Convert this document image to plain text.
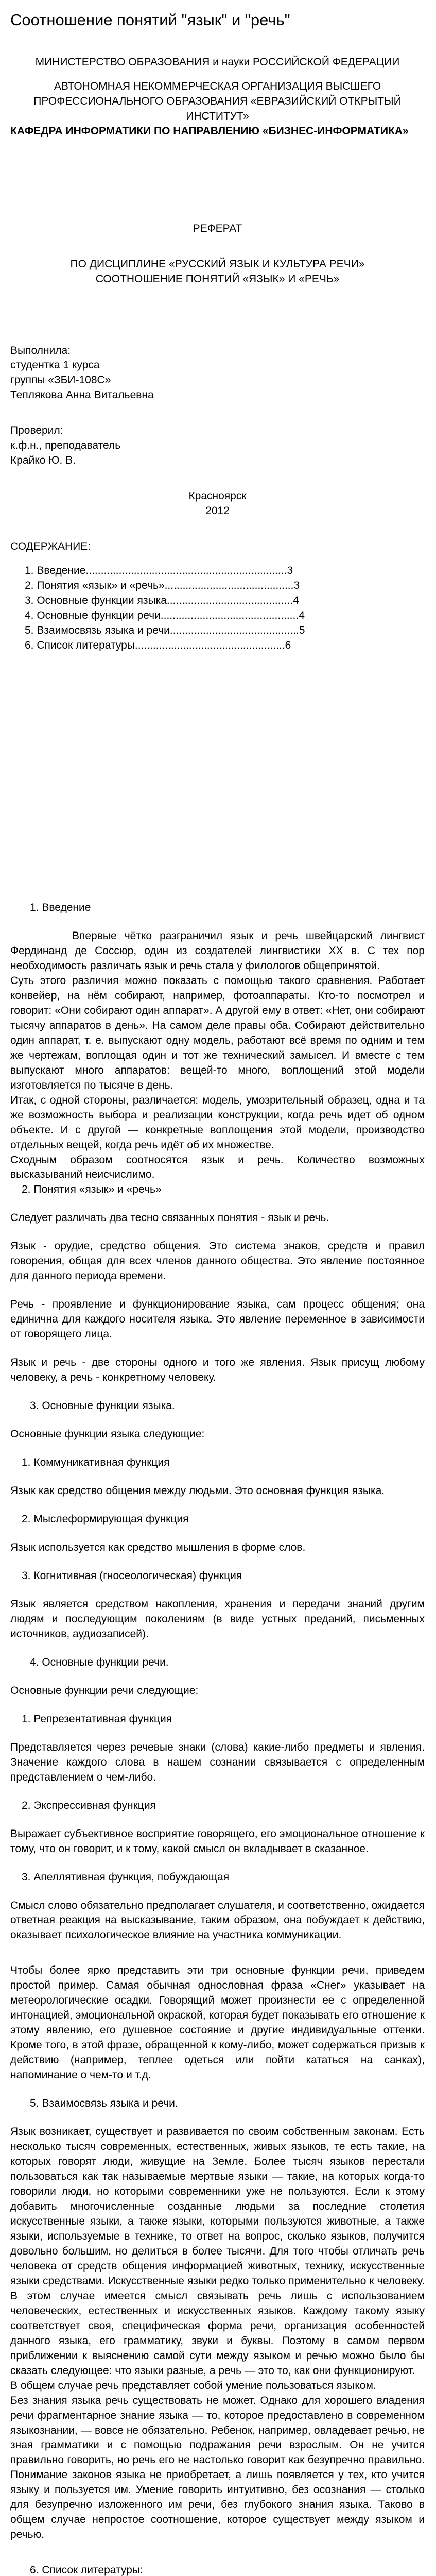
Соотношение понятий "язык" и "речь"

МИНИСТЕРСТВО ОБРАЗОВАНИЯ и науки РОССИЙСКОЙ ФЕДЕРАЦИИ

АВТОНОМНАЯ НЕКОММЕРЧЕСКАЯ ОРГАНИЗАЦИЯ ВЫСШЕГО

ПРОФЕССИОНАЛЬНОГО ОБРАЗОВАНИЯ «ЕВРАЗИЙСКИЙ ОТКРЫТЫЙ ИНСТИТУТ»

КАФЕДРА ИНФОРМАТИКИ ПО НАПРАВЛЕНИЮ «БИЗНЕС-ИНФОРМАТИКА»

РЕФЕРАТ

ПО ДИСЦИПЛИНЕ «РУССКИЙ ЯЗЫК И КУЛЬТУРА РЕЧИ»

СООТНОШЕНИЕ ПОНЯТИЙ «ЯЗЫК» И «РЕЧЬ»

Выполнила:

студентка 1 курса

группы «ЗБИ-108С»

Теплякова Анна Витальевна

Проверил:

к.ф.н., преподаватель

Крайко Ю. В.

Красноярск

2012

СОДЕРЖАНИЕ:

1. Введение...................................................................3
2. Понятия «язык» и «речь»...........................................3
3. Основные функции языка..........................................4
4. Основные функции речи..............................................4
5. Взаимосвязь языка и речи...........................................5
6. Список литературы..................................................6

1. Введение

Впервые чётко разграничил язык и речь швейцарский лингвист Фердинанд де Соссюр, один из создателей лингвистики XX в. С тех пор необходимость различать язык и речь стала у филологов общепринятой.

Суть этого различия можно показать с помощью такого сравнения. Работает конвейер, на нём собирают, например, фотоаппараты. Кто-то посмотрел и говорит: «Они собирают один аппарат». А другой ему в ответ: «Нет, они собирают тысячу аппаратов в день». На самом деле правы оба. Собирают действительно один аппарат, т. е. выпускают одну модель, работают всё время по одним и тем же чертежам, воплощая один и тот же технический замысел. И вместе с тем выпускают много аппаратов: вещей-то много, воплощений этой модели изготовляется по тысяче в день.

Итак, с одной стороны, различается: модель, умозрительный образец, одна и та же возможность выбора и реализации конструкции, когда речь идет об одном объекте. И с другой — конкретные воплощения этой модели, производство отдельных вещей, когда речь идёт об их множестве.

Сходным образом соотносятся язык и речь. Количество возможных высказываний неисчислимо.

2. Понятия «язык» и «речь»

Следует различать два тесно связанных понятия - язык и речь.

Язык - орудие, средство общения. Это система знаков, средств и правил говорения, общая для всех членов данного общества. Это явление постоянное для данного периода времени.

Речь - проявление и функционирование языка, сам процесс общения; она единична для каждого носителя языка. Это явление переменное в зависимости от говорящего лица.

Язык и речь - две стороны одного и того же явления. Язык присущ любому человеку, а речь - конкретному человеку.

3. Основные функции языка.

Основные функции языка следующие:

1. Коммуникативная функция

Язык как средство общения между людьми. Это основная функция языка.

2. Мыслеформирующая функция

Язык используется как средство мышления в форме слов.

3. Когнитивная (гносеологическая) функция

Язык является средством накопления, хранения и передачи знаний другим людям и последующим поколениям (в виде устных преданий, письменных источников, аудиозаписей).

4. Основные функции речи.

Основные функции речи следующие:

1. Репрезентативная функция

Представляется через речевые знаки (слова) какие-либо предметы и явления. Значение каждого слова в нашем сознании связывается с определенным представлением о чем-либо.

2. Экспрессивная функция

Выражает субъективное восприятие говорящего, его эмоциональное отношение к тому, что он говорит, и к тому, какой смысл он вкладывает в сказанное.

3. Апеллятивная функция, побуждающая

Смысл слово обязательно предполагает слушателя, и соответственно, ожидается ответная реакция на высказывание, таким образом, она побуждает к действию, оказывает психологическое влияние на участника коммуникации.

Чтобы более ярко представить эти три основные функции речи, приведем простой пример. Самая обычная однословная фраза «Снег» указывает на метеорологические осадки. Говорящий может произнести ее с определенной интонацией, эмоциональной окраской, которая будет показывать его отношение к этому явлению, его душевное состояние и другие индивидуальные оттенки. Кроме того, в этой фразе, обращенной к кому-либо, может содержаться призыв к действию (например, теплее одеться или пойти кататься на санках), напоминание о чем-то и т.д.

5. Взаимосвязь языка и речи.

Язык возникает, существует и развивается по своим собственным законам. Есть несколько тысяч современных, естественных, живых языков, те есть такие, на которых говорят люди, живущие на Земле. Более тысяч языков перестали пользоваться как так называемые мертвые языки — такие, на которых когда-то говорили люди, но которыми современники уже не пользуются. Если к этому добавить многочисленные созданные людьми за последние столетия искусственные языки, а также языки, которыми пользуются животные, а также языки, используемые в технике, то ответ на вопрос, сколько языков, получится довольно большим, но делиться в более тысячи. Для того чтобы отличать речь человека от средств общения информацией животных, технику, искусственные языки средствами. Искусственные языки редко только применительно к человеку. В этом случае имеется смысл связывать речь лишь с использованием человеческих, естественных и искусственных языков. Каждому такому языку соответствует своя, специфическая форма речи, организация особенностей данного языка, его грамматику, звуки и буквы. Поэтому в самом первом приближении к выяснению самой сути между языком и речью можно было бы сказать следующее: что языки разные, а речь — это то, как они функционируют.

В общем случае речь представляет собой умение пользоваться языком.

Без знания языка речь существовать не может. Однако для хорошего владения речи фрагментарное знание языка — то, которое предоставлено в современном языкознании, — вовсе не обязательно. Ребенок, например, овладевает речью, не зная грамматики и с помощью подражания речи взрослым. Он не учится правильно говорить, но речь его не настолько говорит как безупречно правильно. Понимание законов языка не приобретает, а лишь появляется у тех, кто учится языку и пользуется им. Умение говорить интуитивно, без осознания — столько для безупречно изложенного им речи, без глубокого знания языка. Таково в общем случае непростое соотношение, которое существует между языком и речью.

6. Список литературы:
